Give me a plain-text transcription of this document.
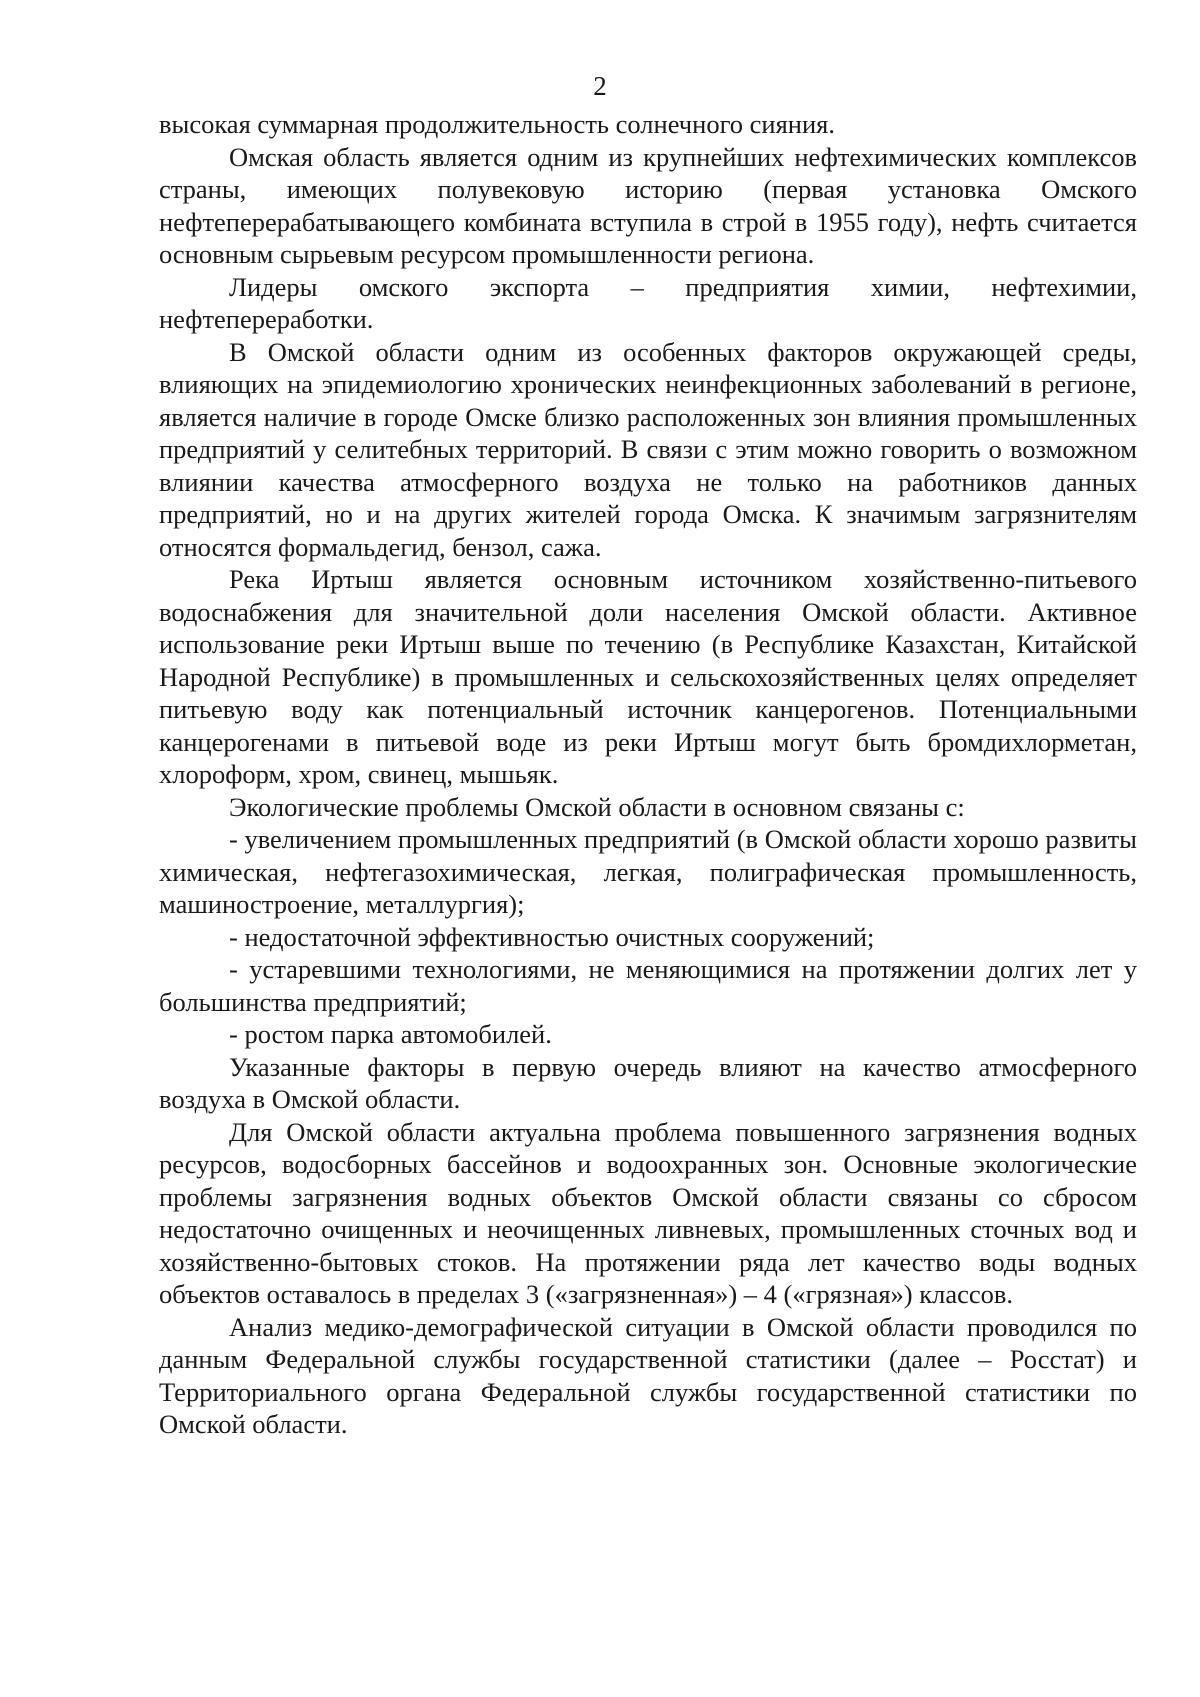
2

высокая суммарная продолжительность солнечного сияния.

Омская область является одним из крупнейших нефтехимических комплексов страны, имеющих полувековую историю (первая установка Омского нефтеперерабатывающего комбината вступила в строй в 1955 году), нефть считается основным сырьевым ресурсом промышленности региона.

Лидеры омского экспорта – предприятия химии, нефтехимии, нефтепереработки.

В Омской области одним из особенных факторов окружающей среды, влияющих на эпидемиологию хронических неинфекционных заболеваний в регионе, является наличие в городе Омске близко расположенных зон влияния промышленных предприятий у селитебных территорий. В связи с этим можно говорить о возможном влиянии качества атмосферного воздуха не только на работников данных предприятий, но и на других жителей города Омска. К значимым загрязнителям относятся формальдегид, бензол, сажа.

Река Иртыш является основным источником хозяйственно-питьевого водоснабжения для значительной доли населения Омской области. Активное использование реки Иртыш выше по течению (в Республике Казахстан, Китайской Народной Республике) в промышленных и сельскохозяйственных целях определяет питьевую воду как потенциальный источник канцерогенов. Потенциальными канцерогенами в питьевой воде из реки Иртыш могут быть бромдихлорметан, хлороформ, хром, свинец, мышьяк.

Экологические проблемы Омской области в основном связаны с:

- увеличением промышленных предприятий (в Омской области хорошо развиты химическая, нефтегазохимическая, легкая, полиграфическая промышленность, машиностроение, металлургия);

- недостаточной эффективностью очистных сооружений;

- устаревшими технологиями, не меняющимися на протяжении долгих лет у большинства предприятий;

- ростом парка автомобилей.

Указанные факторы в первую очередь влияют на качество атмосферного воздуха в Омской области.

Для Омской области актуальна проблема повышенного загрязнения водных ресурсов, водосборных бассейнов и водоохранных зон. Основные экологические проблемы загрязнения водных объектов Омской области связаны со сбросом недостаточно очищенных и неочищенных ливневых, промышленных сточных вод и хозяйственно-бытовых стоков. На протяжении ряда лет качество воды водных объектов оставалось в пределах 3 («загрязненная») – 4 («грязная») классов.

Анализ медико-демографической ситуации в Омской области проводился по данным Федеральной службы государственной статистики (далее – Росстат) и Территориального органа Федеральной службы государственной статистики по Омской области.
